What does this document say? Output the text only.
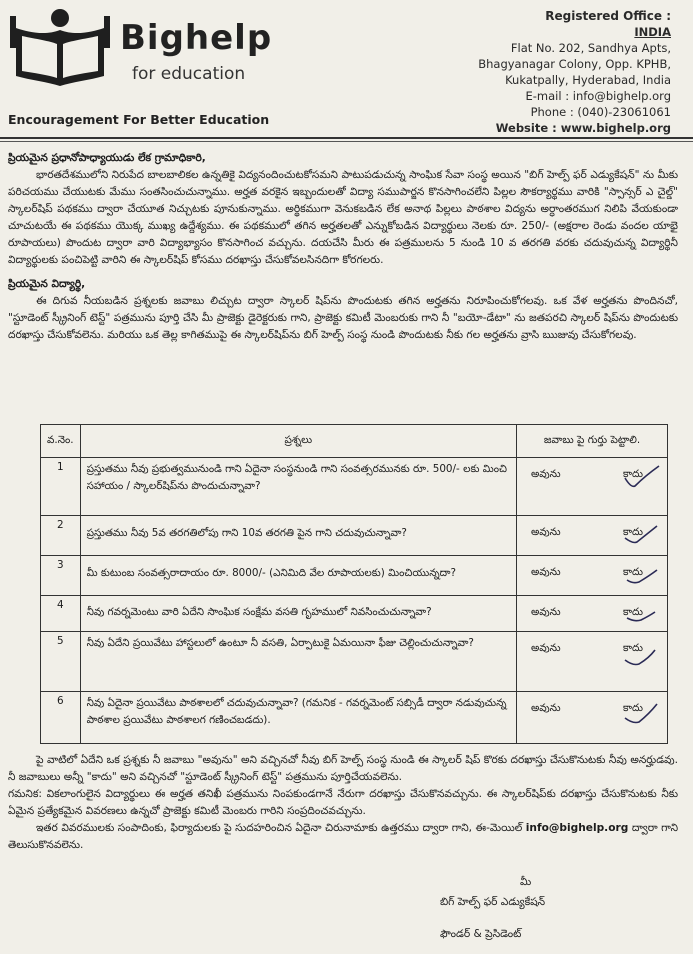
Bighelp
for education
Encouragement For Better Education
Registered Office :
INDIA
Flat No. 202, Sandhya Apts,
Bhagyanagar Colony, Opp. KPHB,
Kukatpally, Hyderabad, India
E-mail : info@bighelp.org
Phone : (040)-23061061
Website : www.bighelp.org

ప్రియమైన ప్రధానోపాధ్యాయుడు లేక గ్రామాధికారి,

భారతదేశములోని నిరుపేద బాలబాలికల ఉన్నతికై విద్యనందించుటకోసమని పాటుపడుచున్న సాంఘిక సేవా సంస్థ అయిన "బిగ్ హెల్ప్ ఫర్ ఎడ్యుకేషన్" ను మీకు పరిచయము చేయుటకు మేము సంతసించుచున్నాము. అర్హత వరకైన ఇబ్బందులతో విద్యా సముపార్జన కొనసాగించలేని పిల్లల సౌకర్యార్థము వారికి "స్పాన్సర్ ఎ చైల్డ్" స్కాలర్‌షిప్ పథకము ద్వారా చేయూత నిచ్చుటకు పూనుకున్నాము. అర్థికముగా వెనుకబడిన లేక అనాథ పిల్లలు పాఠశాల విద్యను అర్ధాంతరముగ నిలిపి వేయకుండా చూచుటయే ఈ పథకము యొక్క ముఖ్య ఉద్దేశ్యము. ఈ పథకములో తగిన అర్హతలతో ఎన్నుకోబడిన విద్యార్థులు నెలకు రూ. 250/- (అక్షరాల రెండు వందల యాభై రూపాయలు) పొందుట ద్వారా వారి విద్యాభ్యాసం కొనసాగించ వచ్చును. దయచేసి మీరు ఈ పత్రములను 5 నుండి 10 వ తరగతి వరకు చదువుచున్న విద్యార్థినీ విద్యార్థులకు పంచిపెట్టి వారిని ఈ స్కాలర్‌షిప్ కోసము దరఖాస్తు చేసుకోవలసినదిగా కోరగలరు.

ప్రియమైన విద్యార్థి,

ఈ దిగువ నీయబడిన ప్రశ్నలకు జవాబు లిచ్చుట ద్వారా స్కాలర్ షిప్‌ను పొందుటకు తగిన అర్హతను నిరూపించుకోగలవు. ఒక వేళ అర్హతను పొందినచో, "స్టూడెంట్ స్క్రీనింగ్ టెస్ట్" పత్రమును పూర్తి చేసి మీ ప్రాజెక్టు డైరెక్టరుకు గాని, ప్రాజెక్టు కమిటీ మెంబరుకు గాని నీ "బయో-డేటా" ను జతపరచి స్కాలర్ షిప్‌ను పొందుటకు దరఖాస్తు చేసుకోవలెను. మరియు ఒక తెల్ల కాగితముపై ఈ స్కాలర్‌షిప్‌ను బిగ్ హెల్ప్ సంస్థ నుండి పొందుటకు నీకు గల అర్హతను వ్రాసి ఋజువు చేసుకోగలవు.

వ.నెం.	ప్రశ్నలు	జవాబు పై గుర్తు పెట్టాలి.
1	ప్రస్తుతము నీవు ప్రభుత్వమునుండి గాని ఏదైనా సంస్థనుండి గాని సంవత్సరమునకు రూ. 500/- లకు మించి సహాయం / స్కాలర్‌షిప్‌ను పొందుచున్నావా?	అవును కాదు

2	ప్రస్తుతము నీవు 5వ తరగతిలోపు గాని 10వ తరగతి పైన గాని చదువుచున్నావా?	అవును కాదు

3	మీ కుటుంబ సంవత్సరాదాయం రూ. 8000/- (ఎనిమిది వేల రూపాయలకు) మించియున్నదా?	అవును కాదు

4	నీవు గవర్నమెంటు వారి ఏదేని సాంఘిక సంక్షేమ వసతి గృహములో నివసించుచున్నావా?	అవును కాదు

5	నీవు ఏదేని ప్రయివేటు హాస్టలులో ఉంటూ నీ వసతి, ఏర్పాటుకై ఏమయినా ఫీజు చెల్లించుచున్నావా?	అవును కాదు

6	నీవు ఏదైనా ప్రయివేటు పాఠశాలలో చదువుచున్నావా? (గమనిక - గవర్నమెంట్ సబ్సిడీ ద్వారా నడువుచున్న పాఠశాల ప్రయివేటు పాఠశాలగ గణించబడదు).	అవును కాదు

పై వాటిలో ఏదేని ఒక ప్రశ్నకు నీ జవాబు "అవును" అని వచ్చినచో నీవు బిగ్ హెల్ప్ సంస్థ నుండి ఈ స్కాలర్ షిప్ కొరకు దరఖాస్తు చేసుకొనుటకు నీవు అనర్హుడవు. నీ జవాబులు అన్నీ "కాదు" అని వచ్చినచో "స్టూడెంట్ స్క్రీనింగ్ టెస్ట్" పత్రమును పూర్తిచేయవలెను.

గమనిక: వికలాంగులైన విద్యార్థులు ఈ అర్హత తనిఖీ పత్రమును నింపకుండగానే నేరుగా దరఖాస్తు చేసుకొనవచ్చును. ఈ స్కాలర్‌షిప్‌కు దరఖాస్తు చేసుకొనుటకు నీకు ఏమైన ప్రత్యేకమైన వివరణలు ఉన్నచో ప్రాజెక్టు కమిటీ మెంబరు గారిని సంప్రదించవచ్చును.

ఇతర వివరములకు సంపాదింకు, ఫిర్యాదులకు పై సుదహరించిన ఏదైనా చిరునామాకు ఉత్తరము ద్వారా గాని, ఈ-మెయిల్ info@bighelp.org ద్వారా గాని తెలుసుకొనవలెను.

మీ
బిగ్ హెల్ప్ ఫర్ ఎడ్యుకేషన్
ఫౌండర్ & ప్రెసిడెంట్
